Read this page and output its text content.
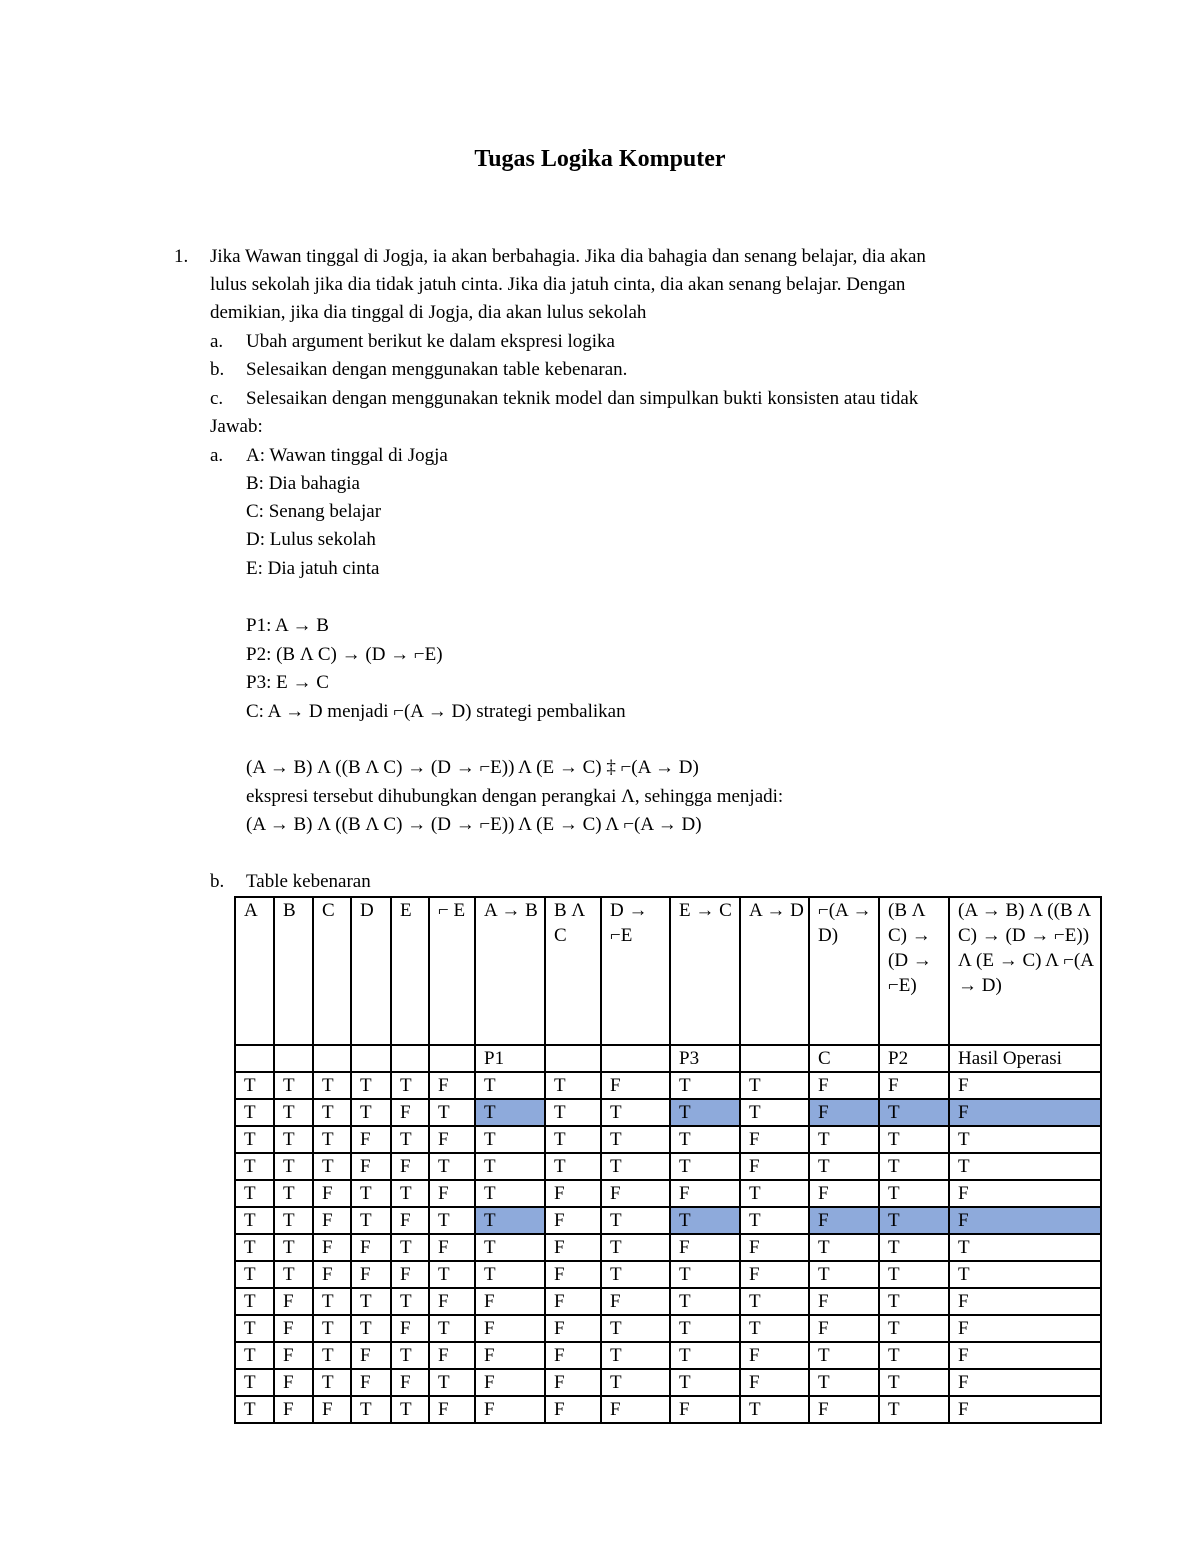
Tugas Logika Komputer
1. Jika Wawan tinggal di Jogja, ia akan berbahagia. Jika dia bahagia dan senang belajar, dia akan
lulus sekolah jika dia tidak jatuh cinta. Jika dia jatuh cinta, dia akan senang belajar. Dengan
demikian, jika dia tinggal di Jogja, dia akan lulus sekolah
a. Ubah argument berikut ke dalam ekspresi logika
b. Selesaikan dengan menggunakan table kebenaran.
c. Selesaikan dengan menggunakan teknik model dan simpulkan bukti konsisten atau tidak
Jawab:
a. A: Wawan tinggal di Jogja
B: Dia bahagia
C: Senang belajar
D: Lulus sekolah
E: Dia jatuh cinta
P1: A → B
P2: (B Λ C) → (D → ⌐E)
P3: E → C
C: A → D menjadi ⌐(A → D) strategi pembalikan
(A → B) Λ ((B Λ C) → (D → ⌐E)) Λ (E → C) ‡ ⌐(A → D)
ekspresi tersebut dihubungkan dengan perangkai Λ, sehingga menjadi:
(A → B) Λ ((B Λ C) → (D → ⌐E)) Λ (E → C) Λ ⌐(A → D)
b. Table kebenaran
A	B	C	D	E	⌐ E	A → B	B Λ C	D → ⌐E	E → C	A → D	⌐(A → D)	(B Λ C) → (D → ⌐E)	(A → B) Λ ((B Λ C) → (D → ⌐E)) Λ (E → C) Λ ⌐(A → D)
						P1			P3		C	P2	Hasil Operasi
T	T	T	T	T	F	T	T	F	T	T	F	F	F
T	T	T	T	F	T	T	T	T	T	T	F	T	F
T	T	T	F	T	F	T	T	T	T	F	T	T	T
T	T	T	F	F	T	T	T	T	T	F	T	T	T
T	T	F	T	T	F	T	F	F	F	T	F	T	F
T	T	F	T	F	T	T	F	T	T	T	F	T	F
T	T	F	F	T	F	T	F	T	F	F	T	T	T
T	T	F	F	F	T	T	F	T	T	F	T	T	T
T	F	T	T	T	F	F	F	F	T	T	F	T	F
T	F	T	T	F	T	F	F	T	T	T	F	T	F
T	F	T	F	T	F	F	F	T	T	F	T	T	F
T	F	T	F	F	T	F	F	T	T	F	T	T	F
T	F	F	T	T	F	F	F	F	F	T	F	T	F
